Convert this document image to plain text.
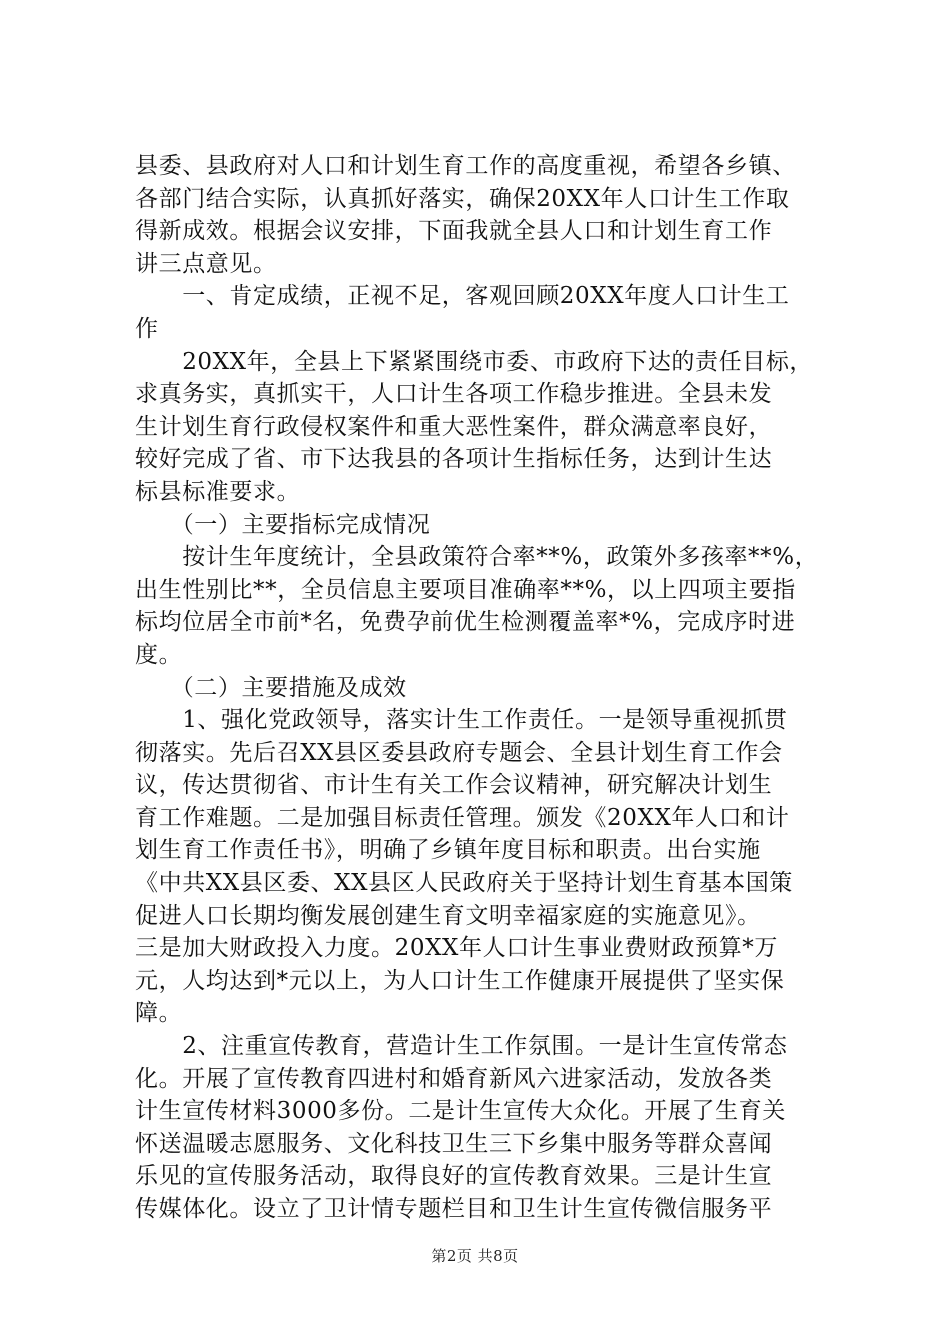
县委、县政府对人口和计划生育工作的高度重视，希望各乡镇、
各部门结合实际，认真抓好落实，确保20XX年人口计生工作取
得新成效。根据会议安排，下面我就全县人口和计划生育工作
讲三点意见。
　　一、肯定成绩，正视不足，客观回顾20XX年度人口计生工
作
　　20XX年，全县上下紧紧围绕市委、市政府下达的责任目标，
求真务实，真抓实干，人口计生各项工作稳步推进。全县未发
生计划生育行政侵权案件和重大恶性案件，群众满意率良好，
较好完成了省、市下达我县的各项计生指标任务，达到计生达
标县标准要求。
　　（一）主要指标完成情况
　　按计生年度统计，全县政策符合率**%，政策外多孩率**%，
出生性别比**，全员信息主要项目准确率**%，以上四项主要指
标均位居全市前*名，免费孕前优生检测覆盖率*%，完成序时进
度。
　　（二）主要措施及成效
　　1、强化党政领导，落实计生工作责任。一是领导重视抓贯
彻落实。先后召XX县区委县政府专题会、全县计划生育工作会
议，传达贯彻省、市计生有关工作会议精神，研究解决计划生
育工作难题。二是加强目标责任管理。颁发《20XX年人口和计
划生育工作责任书》，明确了乡镇年度目标和职责。出台实施
《中共XX县区委、XX县区人民政府关于坚持计划生育基本国策
促进人口长期均衡发展创建生育文明幸福家庭的实施意见》。
三是加大财政投入力度。20XX年人口计生事业费财政预算*万
元，人均达到*元以上，为人口计生工作健康开展提供了坚实保
障。
　　2、注重宣传教育，营造计生工作氛围。一是计生宣传常态
化。开展了宣传教育四进村和婚育新风六进家活动，发放各类
计生宣传材料3000多份。二是计生宣传大众化。开展了生育关
怀送温暖志愿服务、文化科技卫生三下乡集中服务等群众喜闻
乐见的宣传服务活动，取得良好的宣传教育效果。三是计生宣
传媒体化。设立了卫计情专题栏目和卫生计生宣传微信服务平
第2页 共8页
